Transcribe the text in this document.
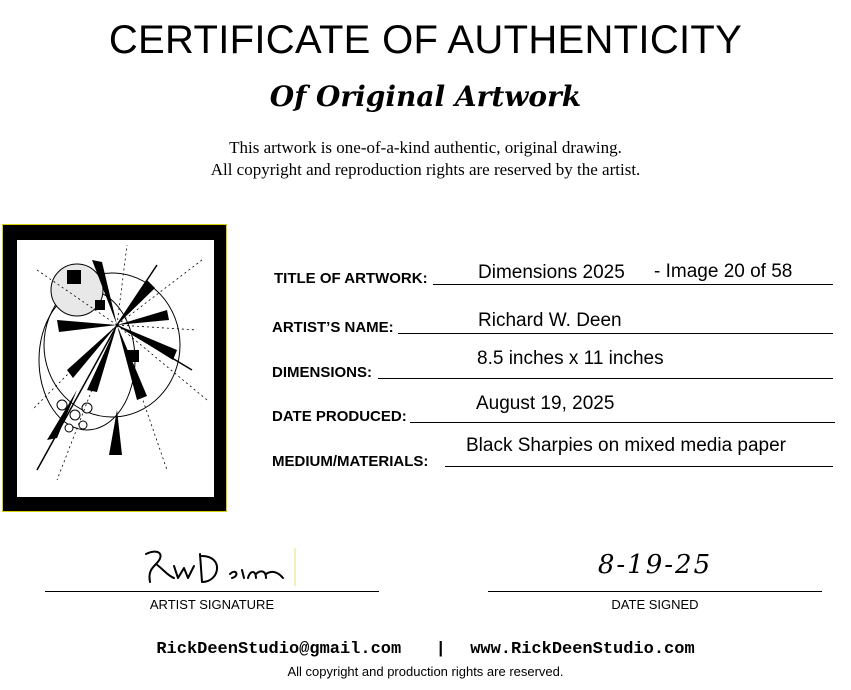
CERTIFICATE OF AUTHENTICITY
Of Original Artwork
This artwork is one-of-a-kind authentic, original drawing.
All copyright and reproduction rights are reserved by the artist.
TITLE OF ARTWORK:	Dimensions 2025 - Image 20 of 58
ARTIST’S NAME:	Richard W. Deen
DIMENSIONS:
8.5 inches x 11 inches
DATE PRODUCED:
August 19, 2025
MEDIUM/MATERIALS:
Black Sharpies on mixed media paper
ARTIST SIGNATURE
8-19-25
DATE SIGNED
RickDeenStudio@gmail.com | www.RickDeenStudio.com
All copyright and production rights are reserved.
